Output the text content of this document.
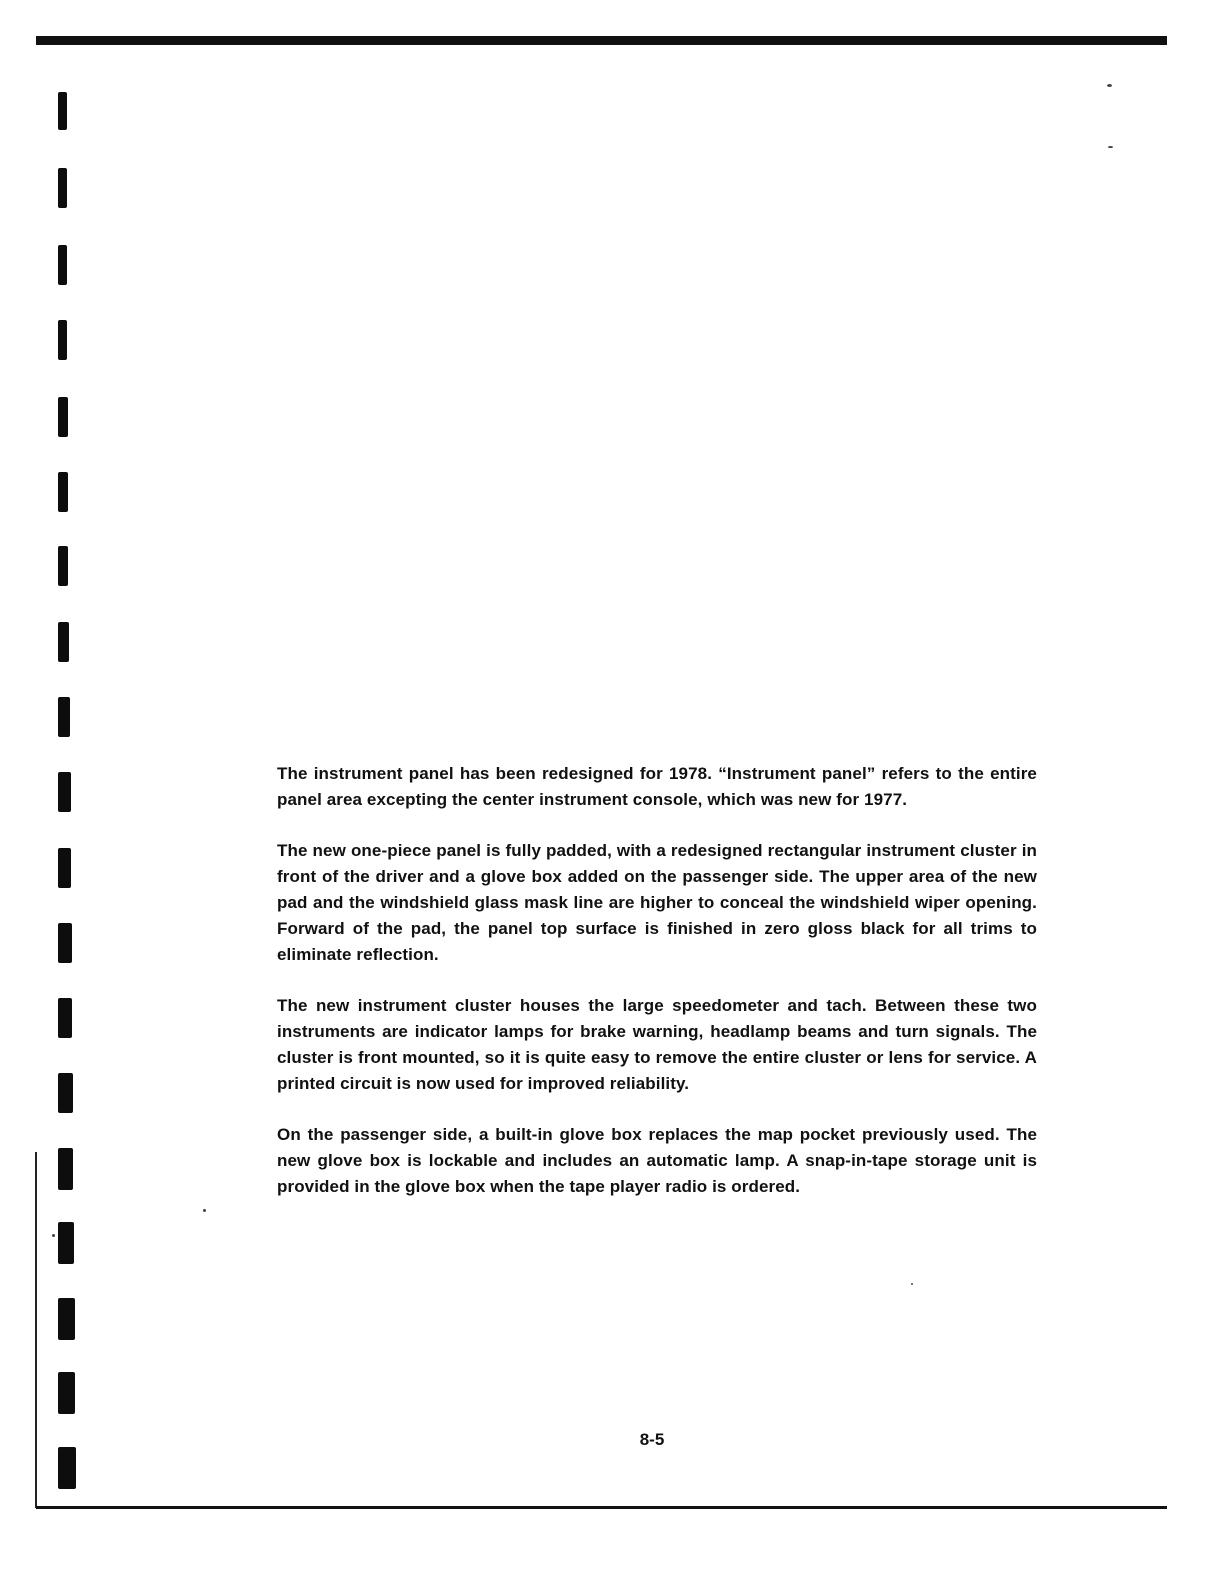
The instrument panel has been redesigned for 1978. “Instrument panel” refers to the entire panel area excepting the center instrument console, which was new for 1977.

The new one-piece panel is fully padded, with a redesigned rectangular instrument cluster in front of the driver and a glove box added on the passenger side. The upper area of the new pad and the windshield glass mask line are higher to conceal the windshield wiper opening. Forward of the pad, the panel top surface is finished in zero gloss black for all trims to eliminate reflection.

The new instrument cluster houses the large speedometer and tach. Between these two instruments are indicator lamps for brake warning, headlamp beams and turn signals. The cluster is front mounted, so it is quite easy to remove the entire cluster or lens for service. A printed circuit is now used for improved reliability.

On the passenger side, a built-in glove box replaces the map pocket previously used. The new glove box is lockable and includes an automatic lamp. A snap-in-tape storage unit is provided in the glove box when the tape player radio is ordered.

8-5
